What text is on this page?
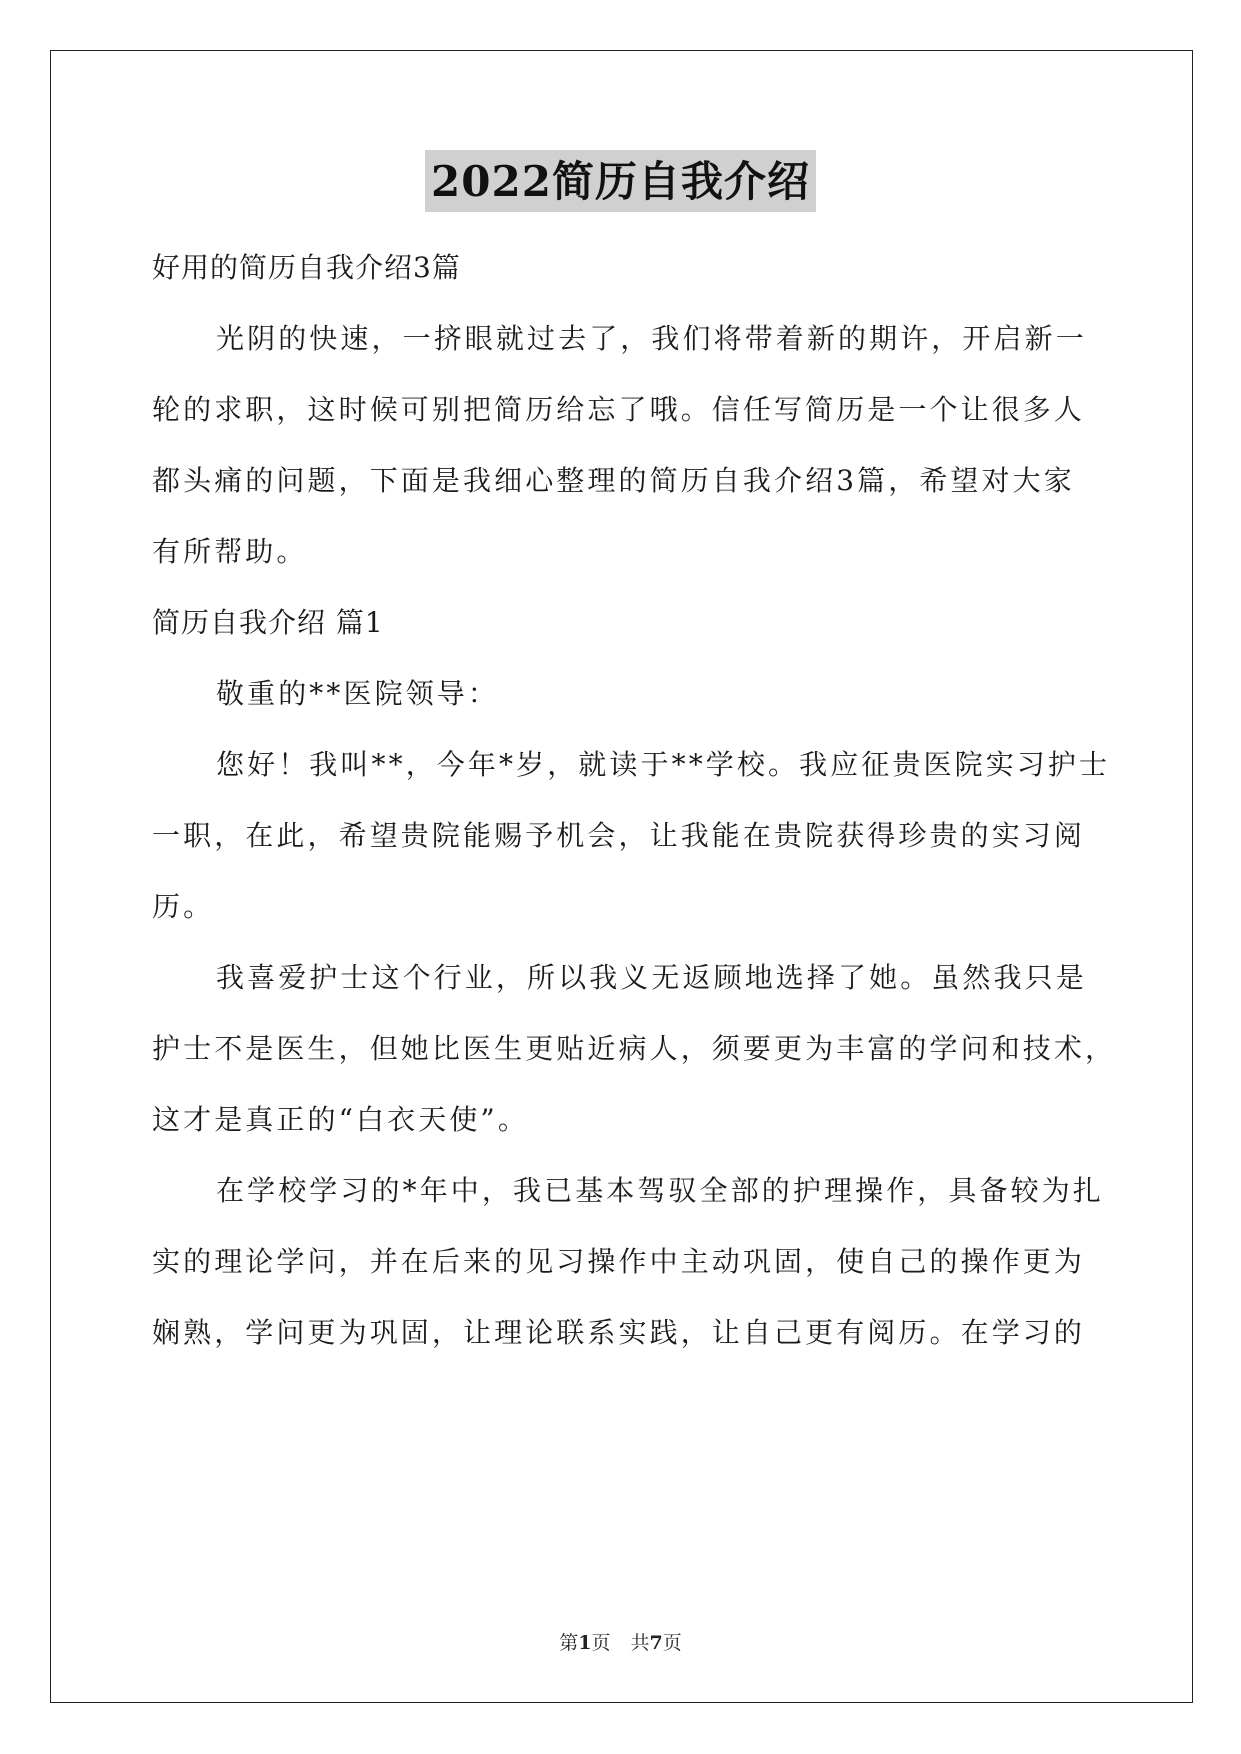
2022简历自我介绍
好用的简历自我介绍3篇
光阴的快速，一挤眼就过去了，我们将带着新的期许，开启新一
轮的求职，这时候可别把简历给忘了哦。信任写简历是一个让很多人
都头痛的问题，下面是我细心整理的简历自我介绍3篇，希望对大家
有所帮助。
简历自我介绍 篇1
敬重的**医院领导：
您好！我叫**，今年*岁，就读于**学校。我应征贵医院实习护士
一职，在此，希望贵院能赐予机会，让我能在贵院获得珍贵的实习阅
历。
我喜爱护士这个行业，所以我义无返顾地选择了她。虽然我只是
护士不是医生，但她比医生更贴近病人，须要更为丰富的学问和技术，
这才是真正的“白衣天使”。
在学校学习的*年中，我已基本驾驭全部的护理操作，具备较为扎
实的理论学问，并在后来的见习操作中主动巩固，使自己的操作更为
娴熟，学问更为巩固，让理论联系实践，让自己更有阅历。在学习的
第1页 共7页
